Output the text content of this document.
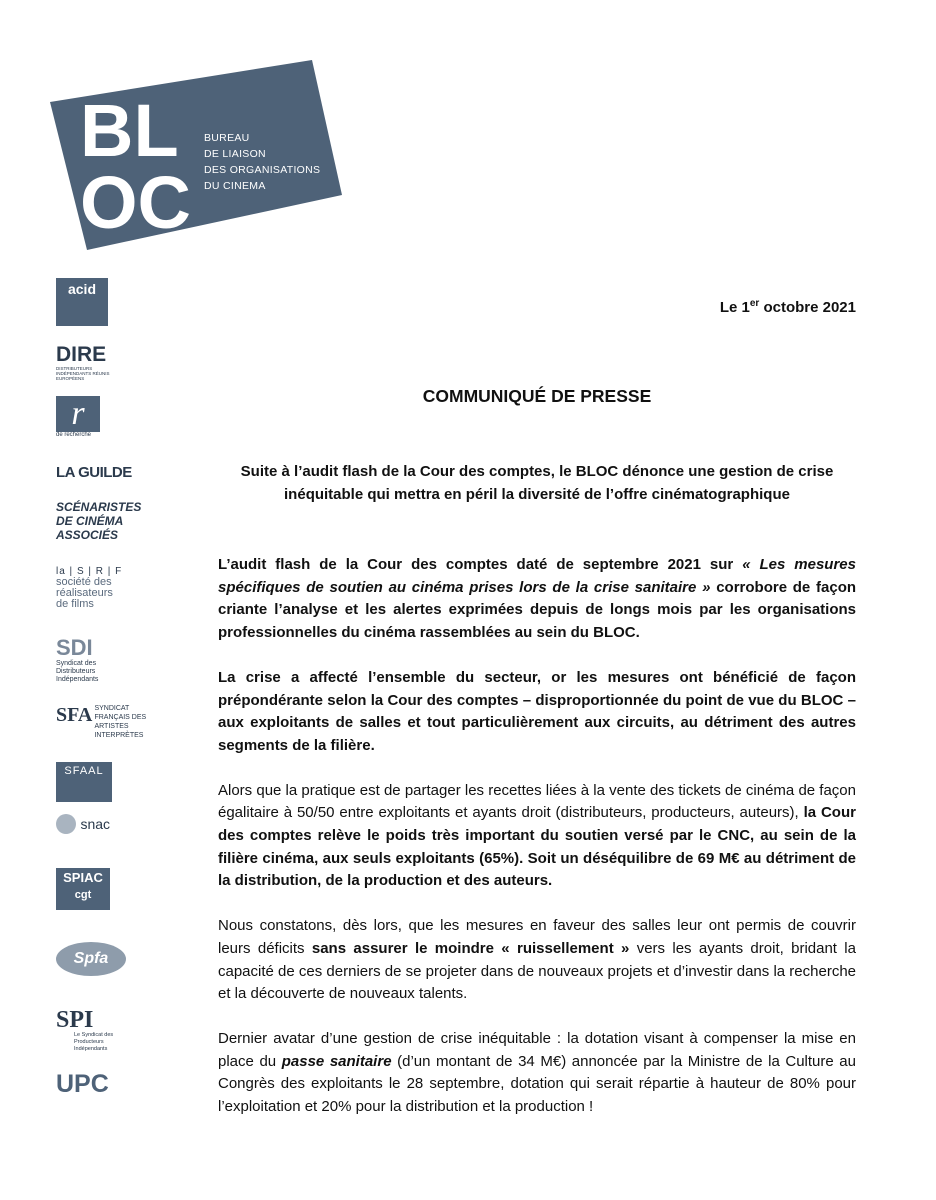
BL
OC
BUREAU
DE LIAISON
DES ORGANISATIONS
DU CINEMA
acid
DIRE
DISTRIBUTEURS INDÉPENDANTS RÉUNIS EUROPÉENS
r
de recherche
LA GUILDE
SCÉNARISTES DE CINÉMA ASSOCIÉS
la | S | R | F
société des réalisateurs de films
SDI
Syndicat des Distributeurs Indépendants
SFA SYNDICAT FRANÇAIS DES ARTISTES INTERPRÈTES
SFAAL
snac
SPIAC
cgt
Spfa
SPI
Le Syndicat des Producteurs Indépendants
UPC
Le 1er octobre 2021
COMMUNIQUÉ DE PRESSE
Suite à l’audit flash de la Cour des comptes, le BLOC dénonce une gestion de crise inéquitable qui mettra en péril la diversité de l’offre cinématographique

L’audit flash de la Cour des comptes daté de septembre 2021 sur « Les mesures spécifiques de soutien au cinéma prises lors de la crise sanitaire » corrobore de façon criante l’analyse et les alertes exprimées depuis de longs mois par les organisations professionnelles du cinéma rassemblées au sein du BLOC.

La crise a affecté l’ensemble du secteur, or les mesures ont bénéficié de façon prépondérante selon la Cour des comptes – disproportionnée du point de vue du BLOC – aux exploitants de salles et tout particulièrement aux circuits, au détriment des autres segments de la filière.

Alors que la pratique est de partager les recettes liées à la vente des tickets de cinéma de façon égalitaire à 50/50 entre exploitants et ayants droit (distributeurs, producteurs, auteurs), la Cour des comptes relève le poids très important du soutien versé par le CNC, au sein de la filière cinéma, aux seuls exploitants (65%). Soit un déséquilibre de 69 M€ au détriment de la distribution, de la production et des auteurs.

Nous constatons, dès lors, que les mesures en faveur des salles leur ont permis de couvrir leurs déficits sans assurer le moindre « ruissellement » vers les ayants droit, bridant la capacité de ces derniers de se projeter dans de nouveaux projets et d’investir dans la recherche et la découverte de nouveaux talents.

Dernier avatar d’une gestion de crise inéquitable : la dotation visant à compenser la mise en place du passe sanitaire (d’un montant de 34 M€) annoncée par la Ministre de la Culture au Congrès des exploitants le 28 septembre, dotation qui serait répartie à hauteur de 80% pour l’exploitation et 20% pour la distribution et la production !
